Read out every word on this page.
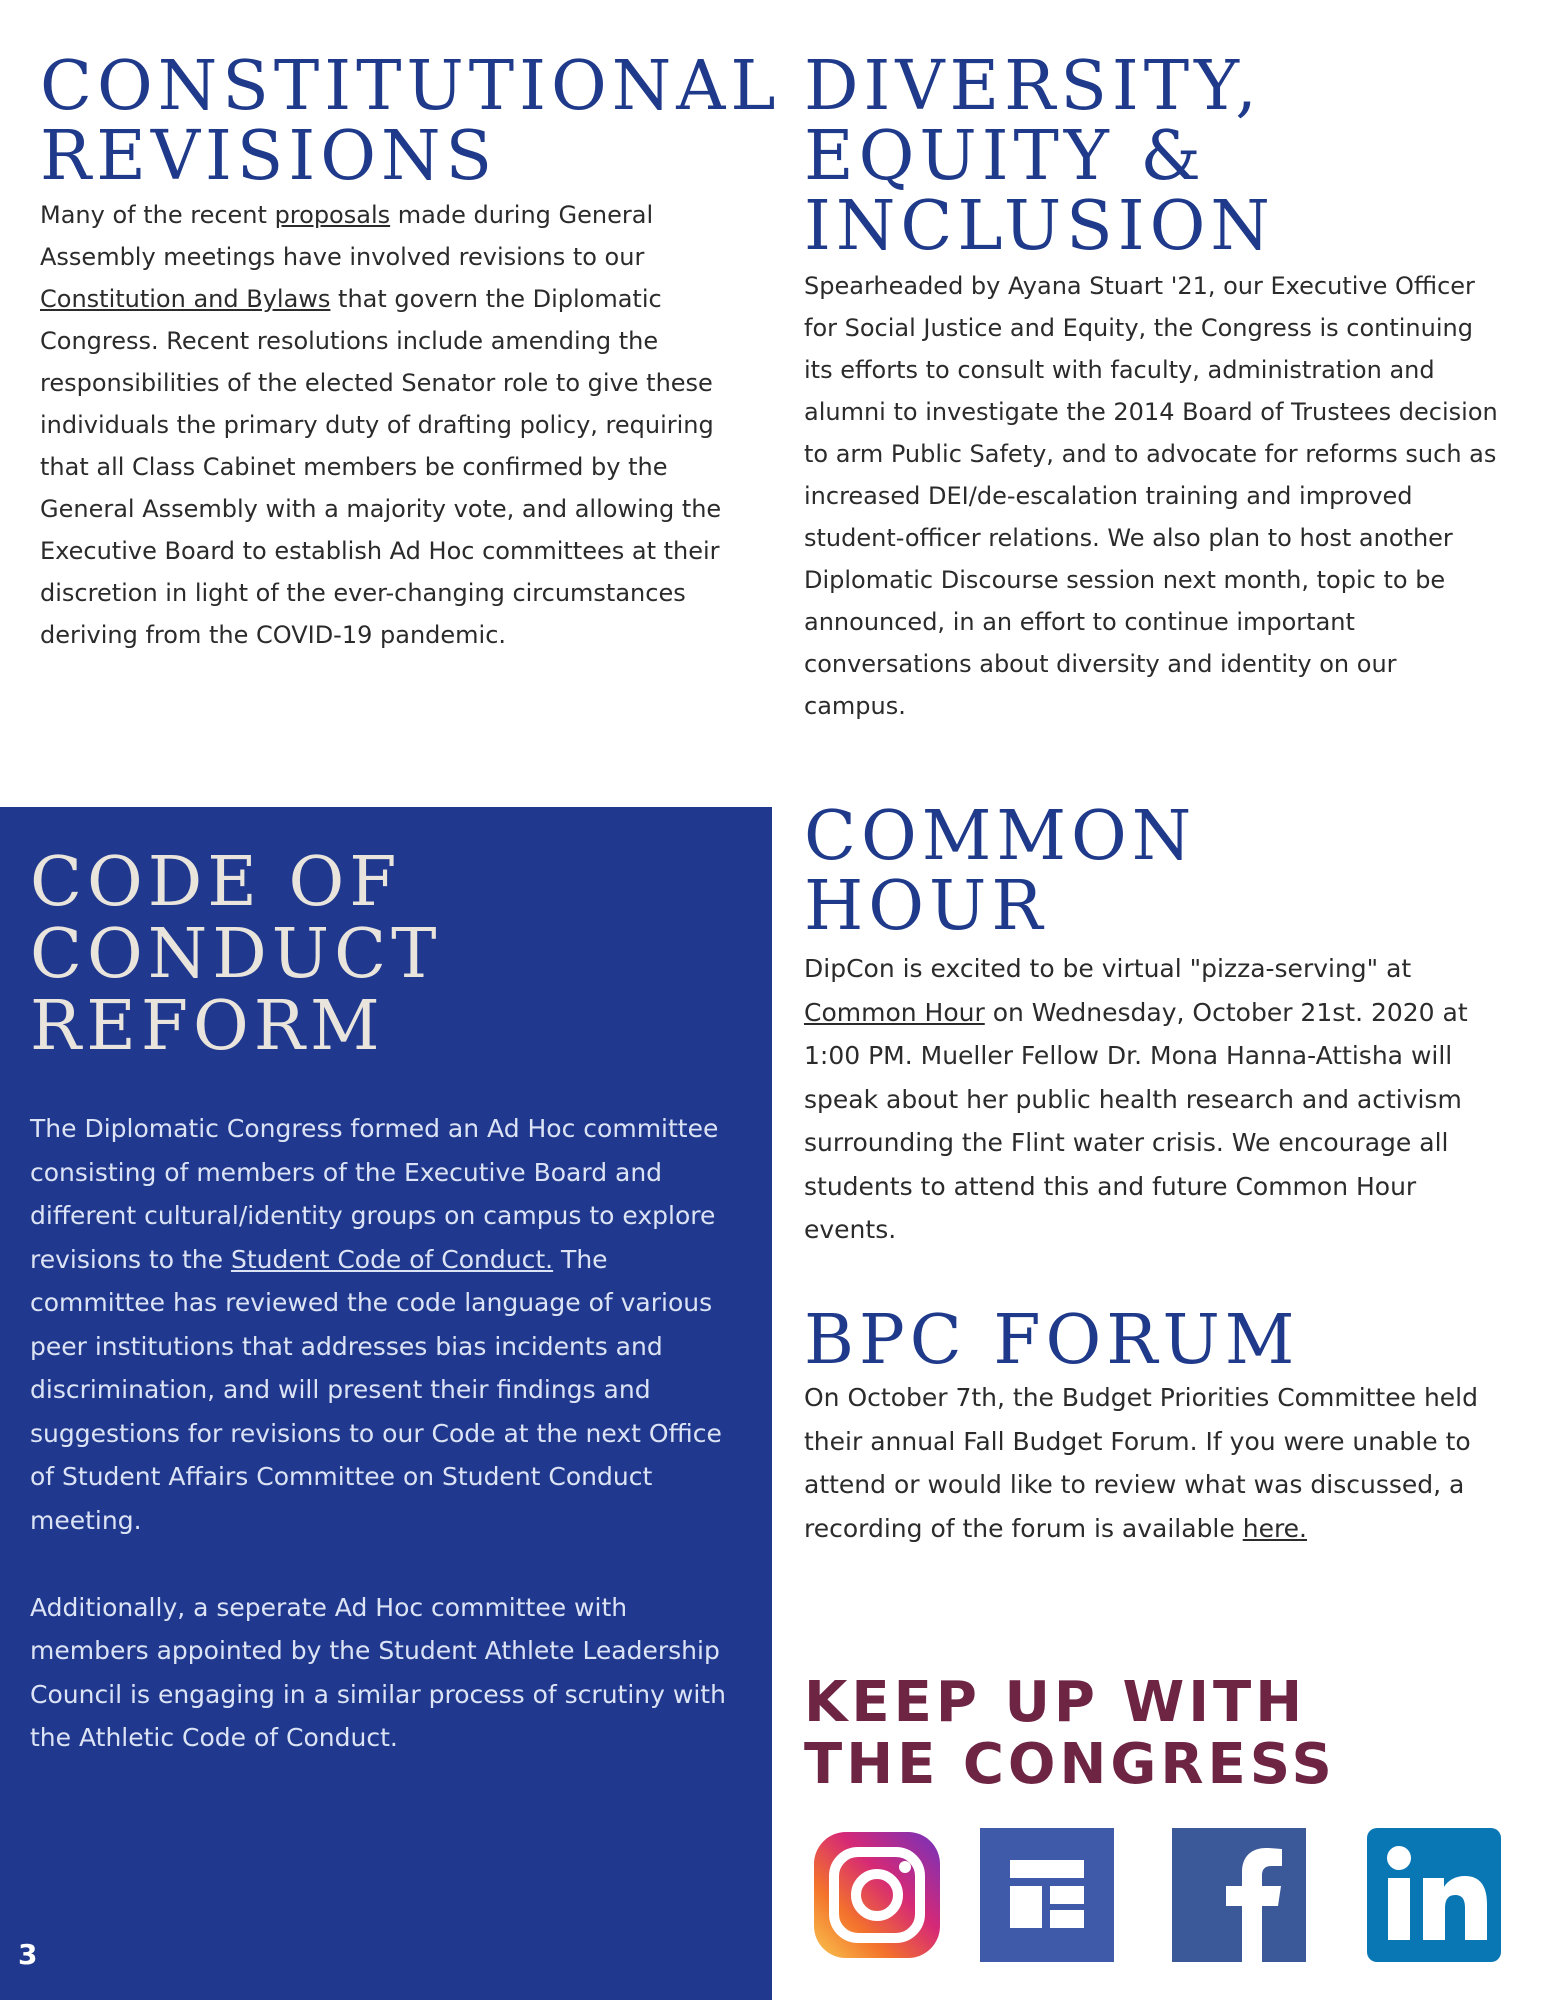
CONSTITUTIONAL
REVISIONS

Many of the recent proposals made during General Assembly meetings have involved revisions to our Constitution and Bylaws that govern the Diplomatic Congress. Recent resolutions include amending the responsibilities of the elected Senator role to give these individuals the primary duty of drafting policy, requiring that all Class Cabinet members be confirmed by the General Assembly with a majority vote, and allowing the Executive Board to establish Ad Hoc committees at their discretion in light of the ever-changing circumstances deriving from the COVID-19 pandemic.

DIVERSITY,
EQUITY &
INCLUSION

Spearheaded by Ayana Stuart '21, our Executive Officer for Social Justice and Equity, the Congress is continuing its efforts to consult with faculty, administration and alumni to investigate the 2014 Board of Trustees decision to arm Public Safety, and to advocate for reforms such as increased DEI/de-escalation training and improved student-officer relations. We also plan to host another Diplomatic Discourse session next month, topic to be announced, in an effort to continue important conversations about diversity and identity on our campus.

CODE OF
CONDUCT
REFORM

The Diplomatic Congress formed an Ad Hoc committee consisting of members of the Executive Board and different cultural/identity groups on campus to explore revisions to the Student Code of Conduct. The committee has reviewed the code language of various peer institutions that addresses bias incidents and discrimination, and will present their findings and suggestions for revisions to our Code at the next Office of Student Affairs Committee on Student Conduct meeting.
Additionally, a seperate Ad Hoc committee with members appointed by the Student Athlete Leadership Council is engaging in a similar process of scrutiny with the Athletic Code of Conduct.

3
COMMON
HOUR

DipCon is excited to be virtual "pizza-serving" at Common Hour on Wednesday, October 21st. 2020 at 1:00 PM. Mueller Fellow Dr. Mona Hanna-Attisha will speak about her public health research and activism surrounding the Flint water crisis. We encourage all students to attend this and future Common Hour events.

BPC FORUM

On October 7th, the Budget Priorities Committee held their annual Fall Budget Forum. If you were unable to attend or would like to review what was discussed, a recording of the forum is available here.

KEEP UP WITH
THE CONGRESS
